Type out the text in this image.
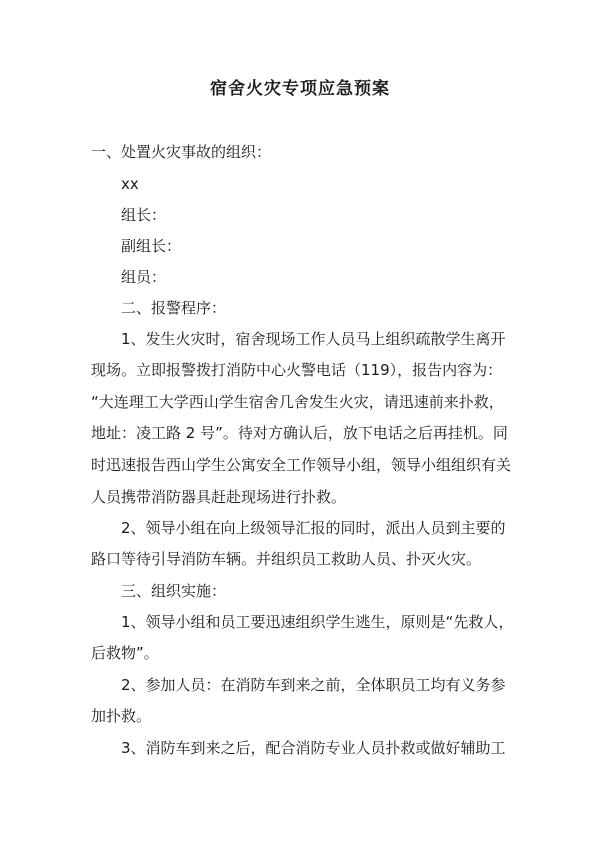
宿舍火灾专项应急预案
一、处置火灾事故的组织：
xx
组长：
副组长：
组员：
二、报警程序：
1、发生火灾时，宿舍现场工作人员马上组织疏散学生离开
现场。立即报警拨打消防中心火警电话（119），报告内容为：
“大连理工大学西山学生宿舍几舍发生火灾，请迅速前来扑救，
地址：凌工路 2 号”。待对方确认后，放下电话之后再挂机。同
时迅速报告西山学生公寓安全工作领导小组，领导小组组织有关
人员携带消防器具赶赴现场进行扑救。
2、领导小组在向上级领导汇报的同时，派出人员到主要的
路口等待引导消防车辆。并组织员工救助人员、扑灭火灾。
三、组织实施：
1、领导小组和员工要迅速组织学生逃生，原则是“先救人，
后救物”。
2、参加人员：在消防车到来之前，全体职员工均有义务参
加扑救。
3、消防车到来之后，配合消防专业人员扑救或做好辅助工
